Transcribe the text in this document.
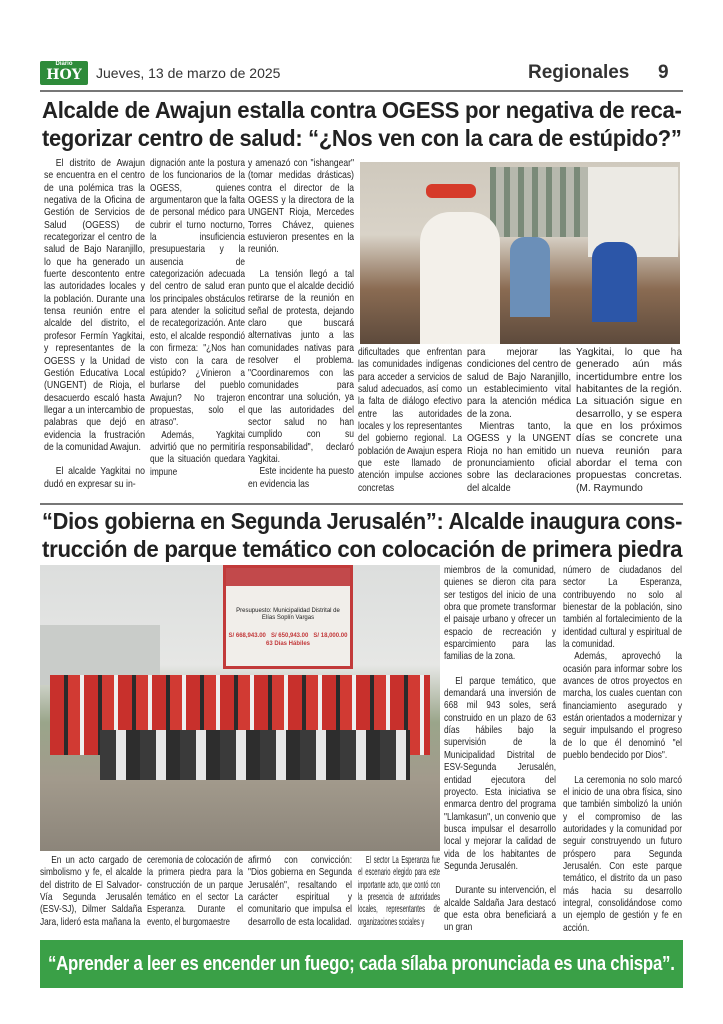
Diario
HOY	Jueves, 13 de marzo de 2025	Regionales 9
Alcalde de Awajun estalla contra OGESS por negativa de reca-
tegorizar centro de salud: “¿Nos ven con la cara de estúpido?”

El distrito de Awajun se encuentra en el centro de una polémica tras la negativa de la Oficina de Gestión de Servicios de Salud (OGESS) de recategorizar el centro de salud de Bajo Naranjillo, lo que ha generado un fuerte descontento entre las autoridades locales y la población. Durante una tensa reunión entre el alcalde del distrito, el profesor Fermín Yagkitai, y representantes de la OGESS y la Unidad de Gestión Educativa Local (UNGENT) de Rioja, el desacuerdo escaló hasta llegar a un intercambio de palabras que dejó en evidencia la frustración de la comunidad Awajun.

El alcalde Yagkitai no dudó en expresar su in-

dignación ante la postura de los funcionarios de la OGESS, quienes argumentaron que la falta de personal médico para cubrir el turno nocturno, la insuficiencia presupuestaria y la ausencia de categorización adecuada del centro de salud eran los principales obstáculos para atender la solicitud de recategorización. Ante esto, el alcalde respondió con firmeza: "¿Nos han visto con la cara de estúpido? ¿Vinieron a burlarse del pueblo Awajun? No trajeron propuestas, solo el atraso".

Además, Yagkitai advirtió que no permitiría que la situación quedara impune

y amenazó con "ishangear" (tomar medidas drásticas) contra el director de la OGESS y la directora de la UNGENT Rioja, Mercedes Torres Chávez, quienes estuvieron presentes en la reunión.

La tensión llegó a tal punto que el alcalde decidió retirarse de la reunión en señal de protesta, dejando claro que buscará alternativas junto a las comunidades nativas para resolver el problema. "Coordinaremos con las comunidades para encontrar una solución, ya que las autoridades del sector salud no han cumplido con su responsabilidad", declaró Yagkitai.

Este incidente ha puesto en evidencia las

dificultades que enfrentan las comunidades indígenas para acceder a servicios de salud adecuados, así como la falta de diálogo efectivo entre las autoridades locales y los representantes del gobierno regional. La población de Awajun espera que este llamado de atención impulse acciones concretas

para mejorar las condiciones del centro de salud de Bajo Naranjillo, un establecimiento vital para la atención médica de la zona.

Mientras tanto, la OGESS y la UNGENT Rioja no han emitido un pronunciamiento oficial sobre las declaraciones del alcalde

Yagkitai, lo que ha generado aún más incertidumbre entre los habitantes de la región. La situación sigue en desarrollo, y se espera que en los próximos días se concrete una nueva reunión para abordar el tema con propuestas concretas.(M. Raymundo

“Dios gobierna en Segunda Jerusalén”: Alcalde inaugura cons-
trucción de parque temático con colocación de primera piedra
Presupuesto: Municipalidad Distrital de Elías Soplín Vargas
S/ 668,943.00 S/ 650,943.00 S/ 18,000.00
63 Días Hábiles

miembros de la comunidad, quienes se dieron cita para ser testigos del inicio de una obra que promete transformar el paisaje urbano y ofrecer un espacio de recreación y esparcimiento para las familias de la zona.

El parque temático, que demandará una inversión de 668 mil 943 soles, será construido en un plazo de 63 días hábiles bajo la supervisión de la Municipalidad Distrital de ESV-Segunda Jerusalén, entidad ejecutora del proyecto. Esta iniciativa se enmarca dentro del programa "Llamkasun", un convenio que busca impulsar el desarrollo local y mejorar la calidad de vida de los habitantes de Segunda Jerusalén.

Durante su intervención, el alcalde Saldaña Jara destacó que esta obra beneficiará a un gran

número de ciudadanos del sector La Esperanza, contribuyendo no solo al bienestar de la población, sino también al fortalecimiento de la identidad cultural y espiritual de la comunidad.

Además, aprovechó la ocasión para informar sobre los avances de otros proyectos en marcha, los cuales cuentan con financiamiento asegurado y están orientados a modernizar y seguir impulsando el progreso de lo que él denominó "el pueblo bendecido por Dios".

La ceremonia no solo marcó el inicio de una obra física, sino que también simbolizó la unión y el compromiso de las autoridades y la comunidad por seguir construyendo un futuro próspero para Segunda Jerusalén. Con este parque temático, el distrito da un paso más hacia su desarrollo integral, consolidándose como un ejemplo de gestión y fe en acción.

En un acto cargado de simbolismo y fe, el alcalde del distrito de El Salvador-Vía Segunda Jerusalén (ESV-SJ), Dilmer Saldaña Jara, lideró esta mañana la

ceremonia de colocación de la primera piedra para la construcción de un parque temático en el sector La Esperanza. Durante el evento, el burgomaestre

afirmó con convicción: "Dios gobierna en Segunda Jerusalén", resaltando el carácter espiritual y comunitario que impulsa el desarrollo de esta localidad.

El sector La Esperanza fue el escenario elegido para este importante acto, que contó con la presencia de autoridades locales, representantes de organizaciones sociales y

“Aprender a leer es encender un fuego; cada sílaba pronunciada es una chispa”.
